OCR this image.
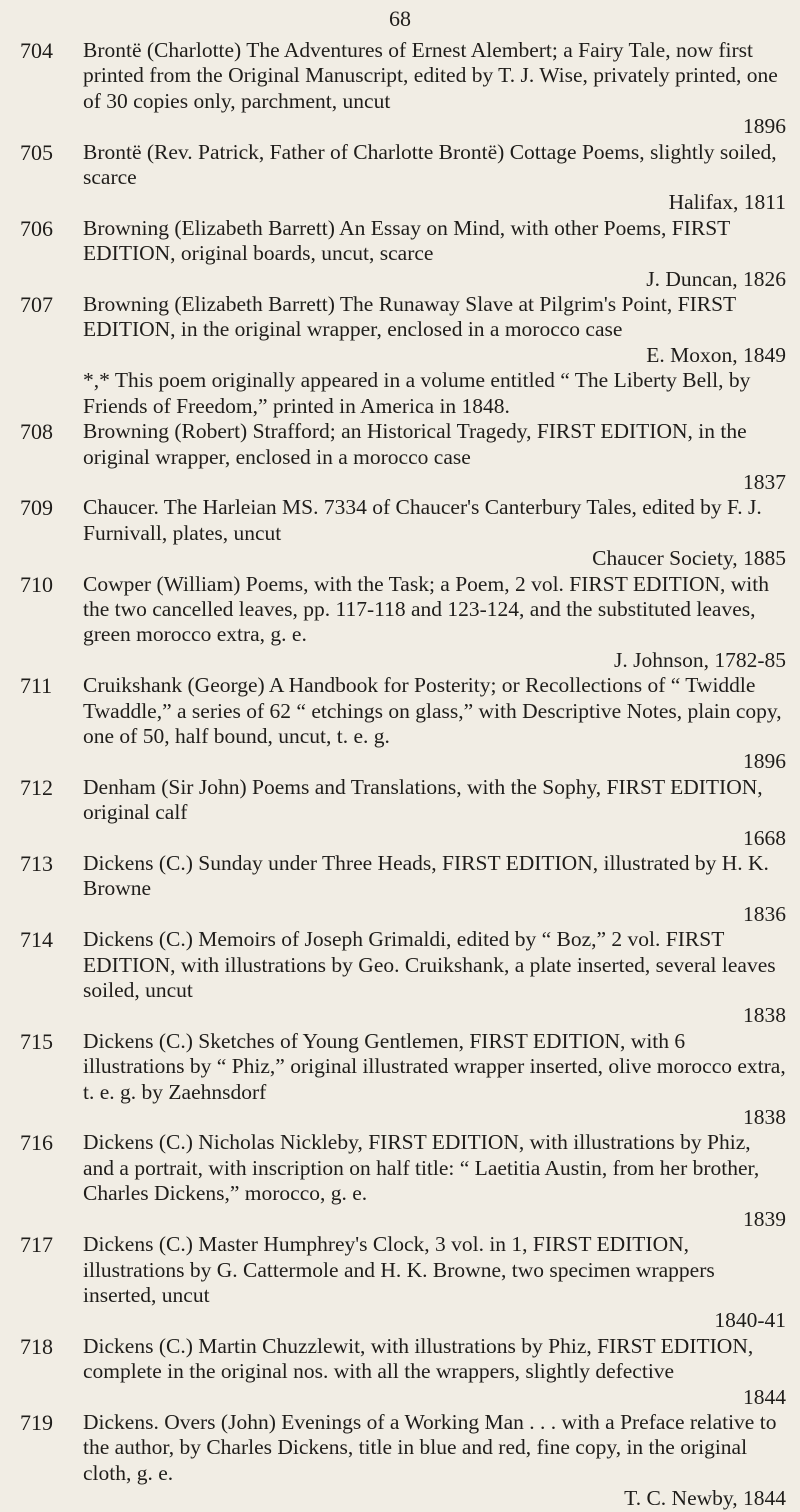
68
704	Brontë (Charlotte) The Adventures of Ernest Alembert; a Fairy Tale, now first printed from the Original Manuscript, edited by T. J. Wise, privately printed, one of 30 copies only, parchment, uncut
1896
705	Brontë (Rev. Patrick, Father of Charlotte Brontë) Cottage Poems, slightly soiled, scarce
Halifax, 1811
706	Browning (Elizabeth Barrett) An Essay on Mind, with other Poems, FIRST EDITION, original boards, uncut, scarce
J. Duncan, 1826
707	Browning (Elizabeth Barrett) The Runaway Slave at Pilgrim's Point, FIRST EDITION, in the original wrapper, enclosed in a morocco case
E. Moxon, 1849
*,* This poem originally appeared in a volume entitled “ The Liberty Bell, by Friends of Freedom,” printed in America in 1848.
708	Browning (Robert) Strafford; an Historical Tragedy, FIRST EDITION, in the original wrapper, enclosed in a morocco case
1837
709	Chaucer. The Harleian MS. 7334 of Chaucer's Canterbury Tales, edited by F. J. Furnivall, plates, uncut
Chaucer Society, 1885
710	Cowper (William) Poems, with the Task; a Poem, 2 vol. FIRST EDITION, with the two cancelled leaves, pp. 117-118 and 123-124, and the substituted leaves, green morocco extra, g. e.
J. Johnson, 1782-85
711	Cruikshank (George) A Handbook for Posterity; or Recollections of “ Twiddle Twaddle,” a series of 62 “ etchings on glass,” with Descriptive Notes, plain copy, one of 50, half bound, uncut, t. e. g.
1896
712	Denham (Sir John) Poems and Translations, with the Sophy, FIRST EDITION, original calf
1668
713	Dickens (C.) Sunday under Three Heads, FIRST EDITION, illustrated by H. K. Browne
1836
714	Dickens (C.) Memoirs of Joseph Grimaldi, edited by “ Boz,” 2 vol. FIRST EDITION, with illustrations by Geo. Cruikshank, a plate inserted, several leaves soiled, uncut
1838
715	Dickens (C.) Sketches of Young Gentlemen, FIRST EDITION, with 6 illustrations by “ Phiz,” original illustrated wrapper inserted, olive morocco extra, t. e. g. by Zaehnsdorf
1838
716	Dickens (C.) Nicholas Nickleby, FIRST EDITION, with illustrations by Phiz, and a portrait, with inscription on half title: “ Laetitia Austin, from her brother, Charles Dickens,” morocco, g. e.
1839
717	Dickens (C.) Master Humphrey's Clock, 3 vol. in 1, FIRST EDITION, illustrations by G. Cattermole and H. K. Browne, two specimen wrappers inserted, uncut
1840-41
718	Dickens (C.) Martin Chuzzlewit, with illustrations by Phiz, FIRST EDITION, complete in the original nos. with all the wrappers, slightly defective
1844
719	Dickens. Overs (John) Evenings of a Working Man . . . with a Preface relative to the author, by Charles Dickens, title in blue and red, fine copy, in the original cloth, g. e.
T. C. Newby, 1844
